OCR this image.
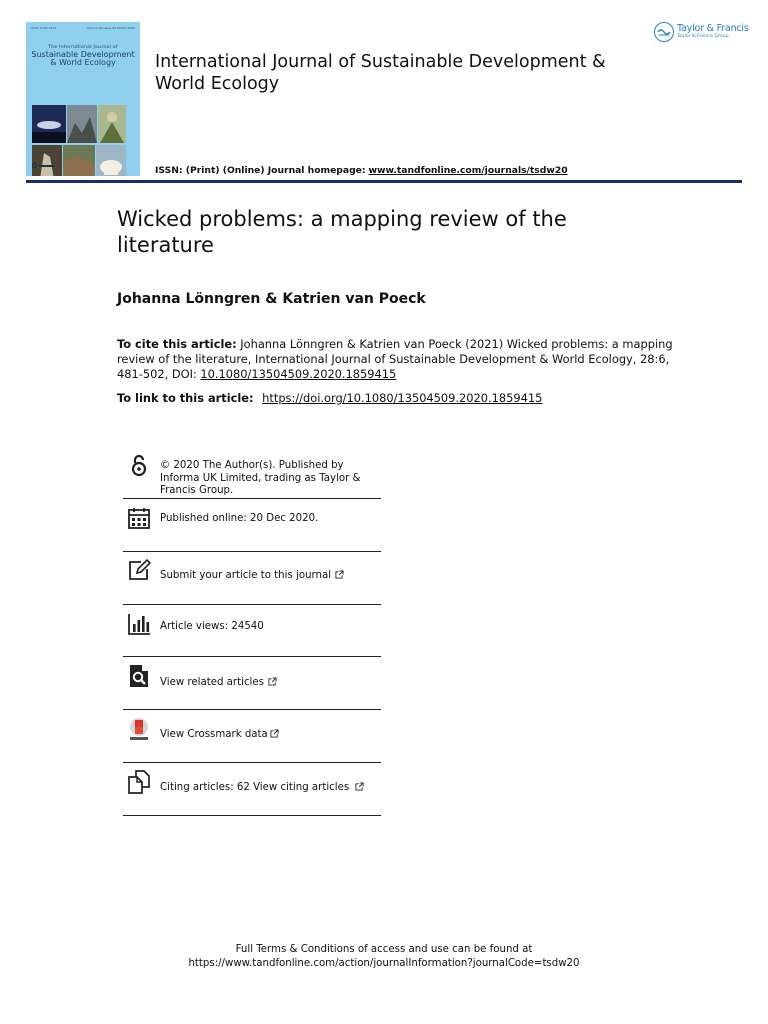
ISSN: 1350-4509	Volume 00 Issue 00 Month 0000
The International Journal of
Sustainable Development & World Ecology	International Journal of Sustainable Development & World Ecology
ISSN: (Print) (Online) Journal homepage: www.tandfonline.com/journals/tsdw20
Taylor & Francis
Taylor & Francis Group
Wicked problems: a mapping review of the literature
Johanna Lönngren & Katrien van Poeck
To cite this article: Johanna Lönngren & Katrien van Poeck (2021) Wicked problems: a mapping review of the literature, International Journal of Sustainable Development & World Ecology, 28:6, 481-502, DOI: 10.1080/13504509.2020.1859415
To link to this article: https://doi.org/10.1080/13504509.2020.1859415
© 2020 The Author(s). Published by Informa UK Limited, trading as Taylor & Francis Group.
Published online: 20 Dec 2020.
Submit your article to this journal
Article views: 24540
View related articles
View Crossmark data
Citing articles: 62 View citing articles
Full Terms & Conditions of access and use can be found at
https://www.tandfonline.com/action/journalInformation?journalCode=tsdw20
